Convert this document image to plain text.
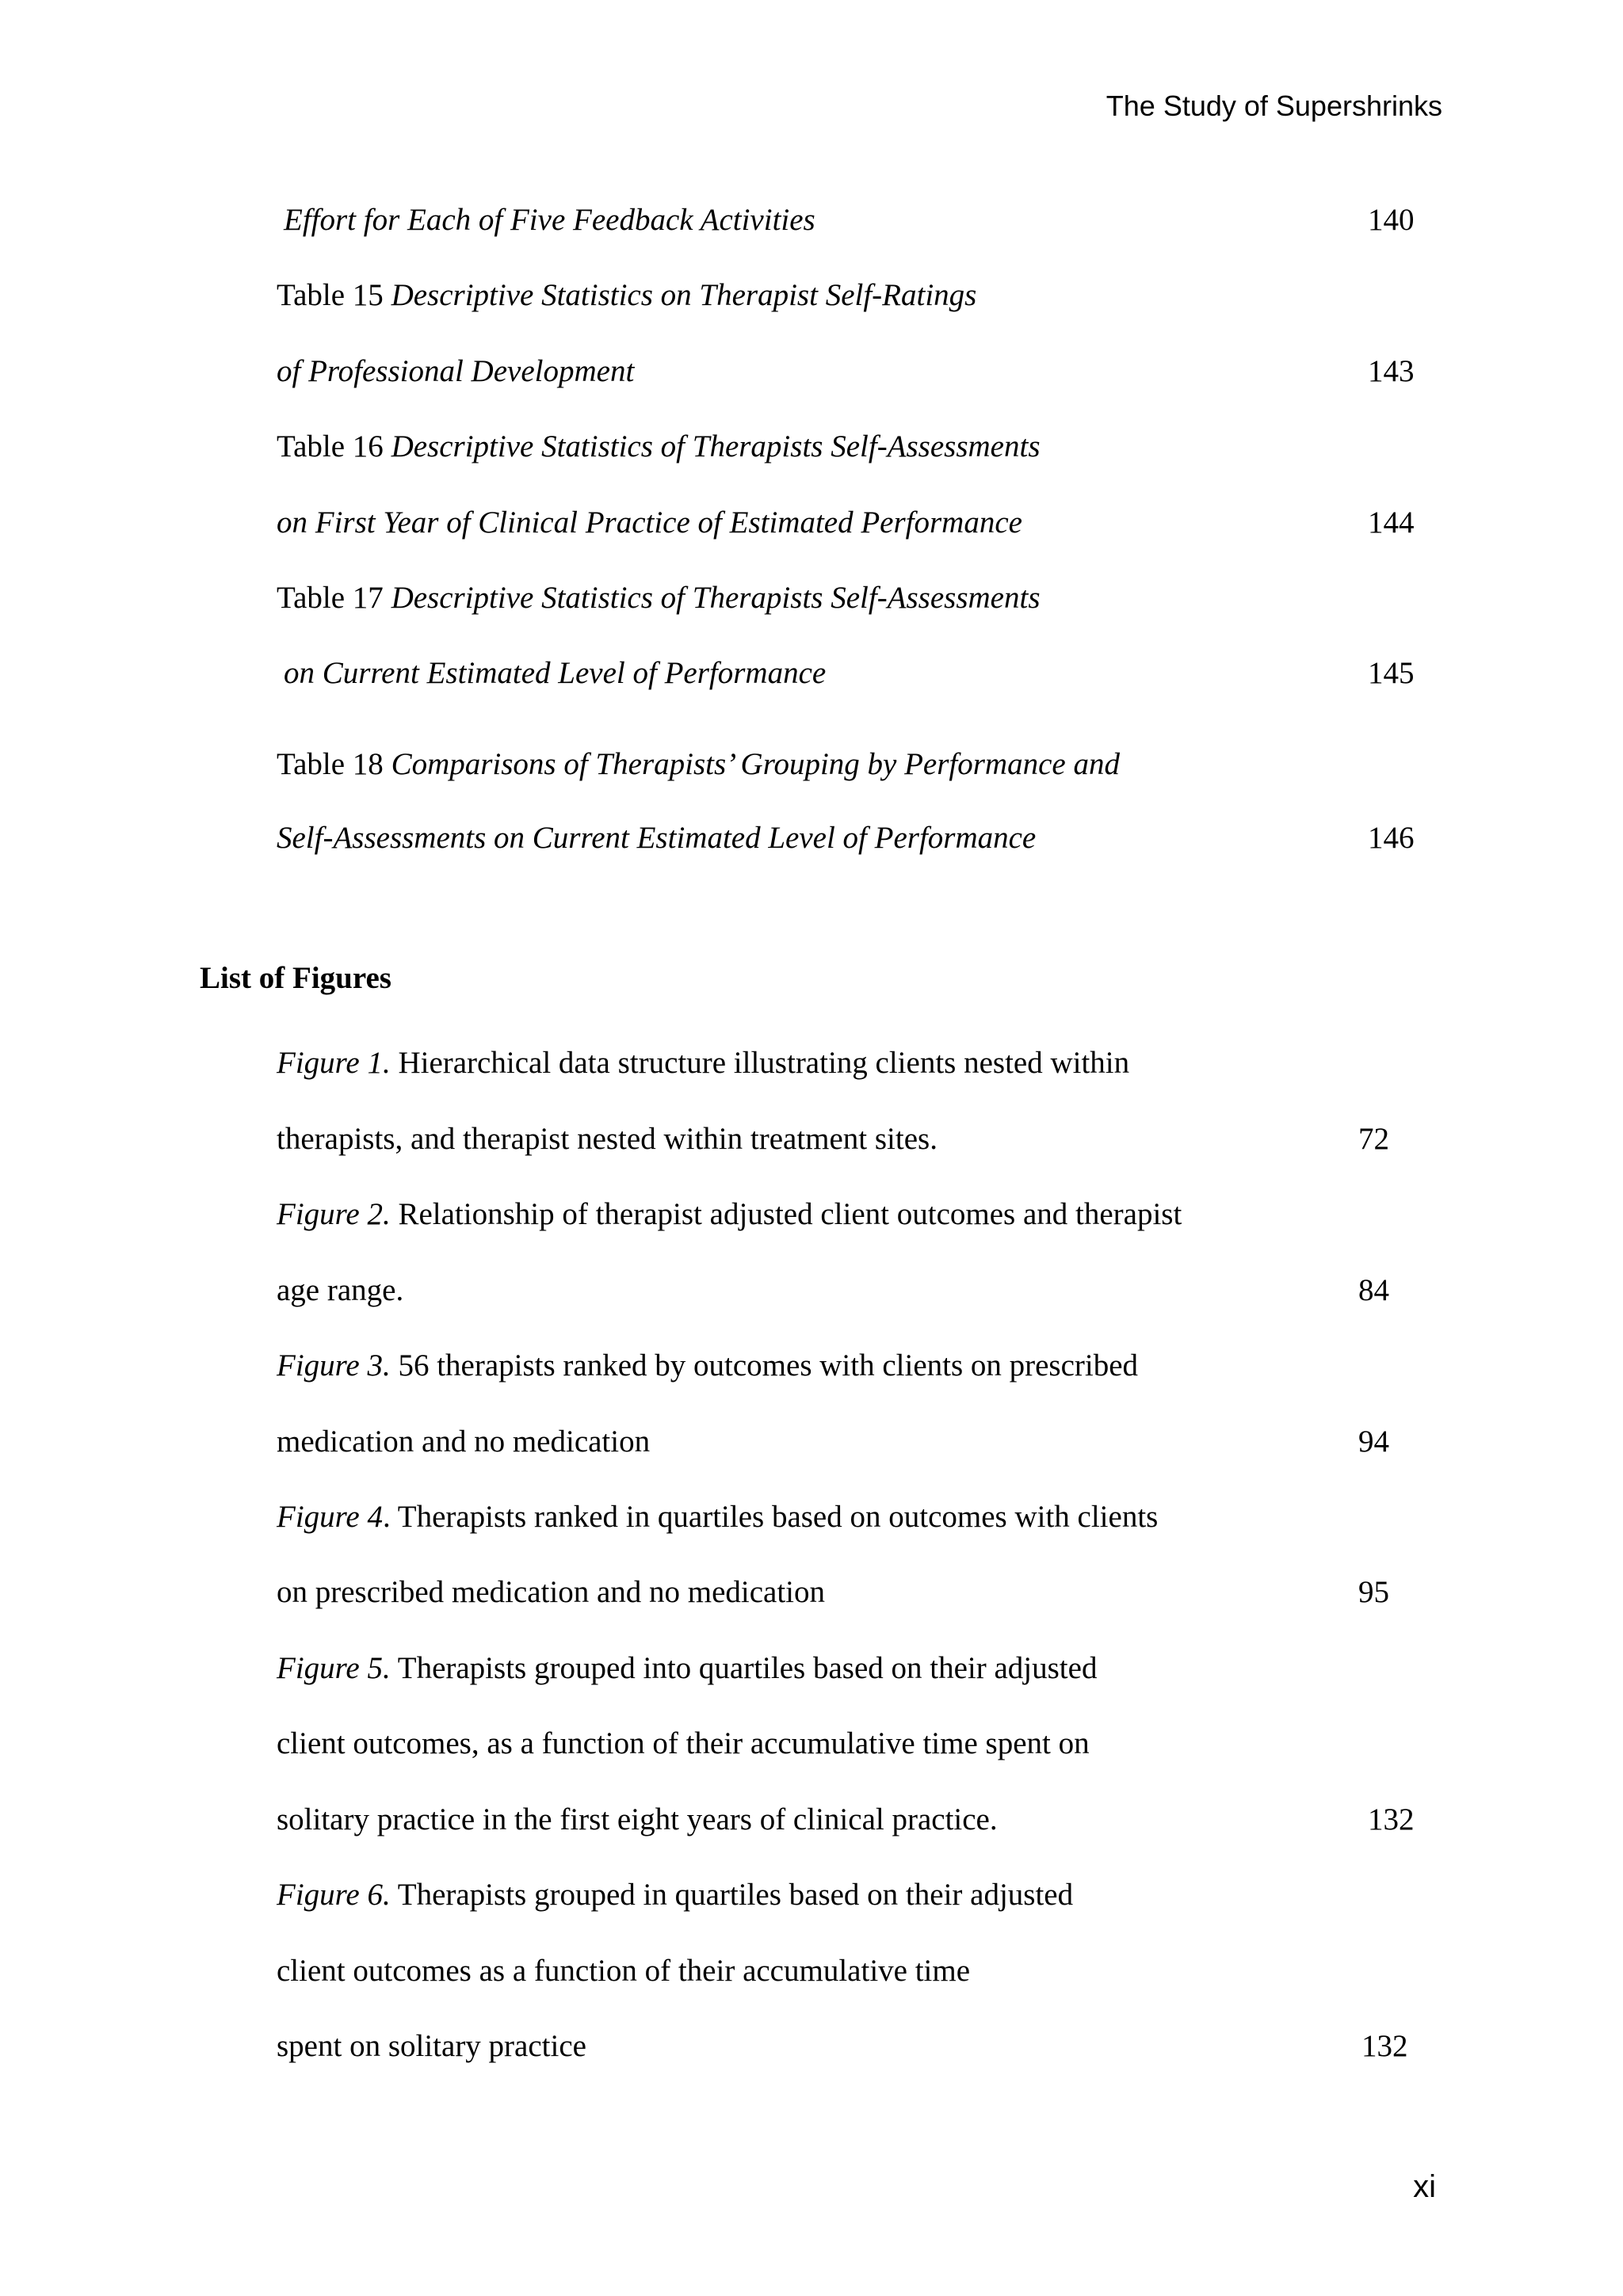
The Study of Supershrinks
Effort for Each of Five Feedback Activities	140
Table 15 Descriptive Statistics on Therapist Self-Ratings
of Professional Development	143
Table 16 Descriptive Statistics of Therapists Self-Assessments
on First Year of Clinical Practice of Estimated Performance	144
Table 17 Descriptive Statistics of Therapists Self-Assessments
on Current Estimated Level of Performance	145
Table 18 Comparisons of Therapists’ Grouping by Performance and
Self-Assessments on Current Estimated Level of Performance	146
List of Figures
Figure 1. Hierarchical data structure illustrating clients nested within
therapists, and therapist nested within treatment sites.	72
Figure 2. Relationship of therapist adjusted client outcomes and therapist
age range.	84
Figure 3. 56 therapists ranked by outcomes with clients on prescribed
medication and no medication	94
Figure 4. Therapists ranked in quartiles based on outcomes with clients
on prescribed medication and no medication	95
Figure 5. Therapists grouped into quartiles based on their adjusted
client outcomes, as a function of their accumulative time spent on
solitary practice in the first eight years of clinical practice.	132
Figure 6. Therapists grouped in quartiles based on their adjusted
client outcomes as a function of their accumulative time
spent on solitary practice	132
xi
